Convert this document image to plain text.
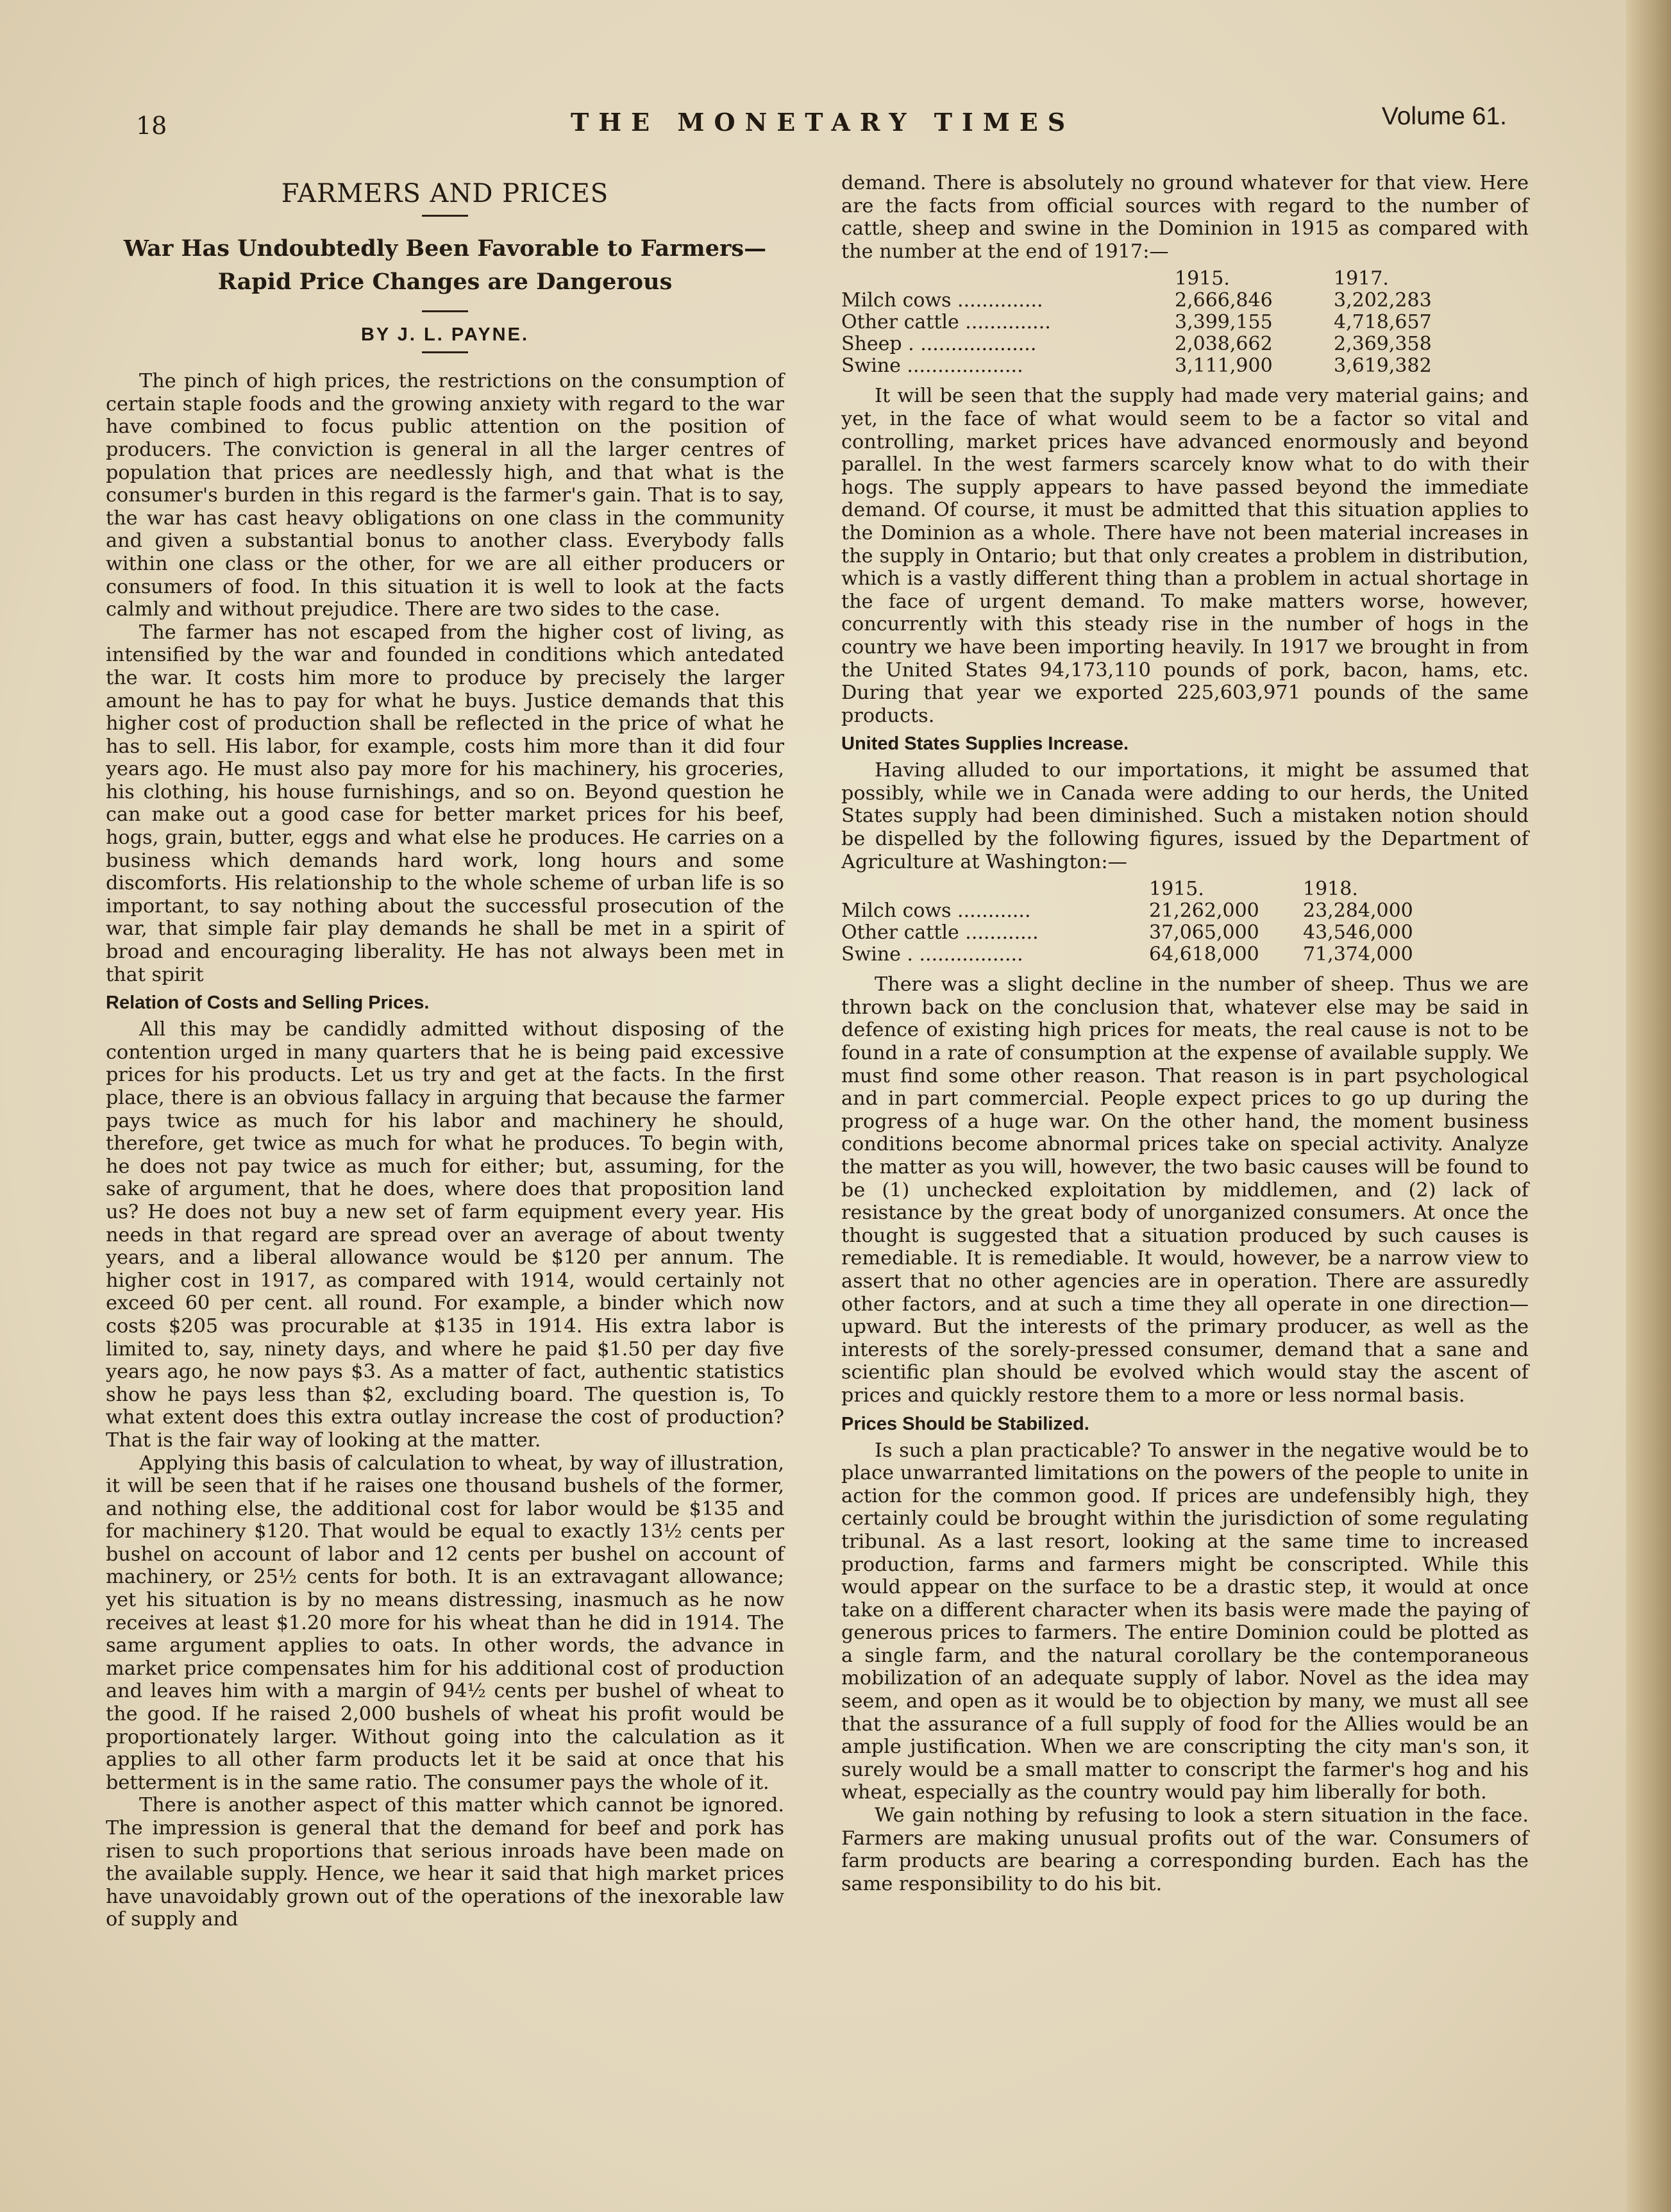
18	THE MONETARY TIMES	Volume 61.
FARMERS AND PRICES
War Has Undoubtedly Been Favorable to Farmers—
Rapid Price Changes are Dangerous
BY J. L. PAYNE.

The pinch of high prices, the restrictions on the consumption of certain staple foods and the growing anxiety with regard to the war have combined to focus public attention on the position of producers. The conviction is general in all the larger centres of population that prices are needlessly high, and that what is the consumer's burden in this regard is the farmer's gain. That is to say, the war has cast heavy obligations on one class in the community and given a substantial bonus to another class. Everybody falls within one class or the other, for we are all either producers or consumers of food. In this situation it is well to look at the facts calmly and without prejudice. There are two sides to the case.

The farmer has not escaped from the higher cost of living, as intensified by the war and founded in conditions which antedated the war. It costs him more to produce by precisely the larger amount he has to pay for what he buys. Justice demands that this higher cost of production shall be reflected in the price of what he has to sell. His labor, for example, costs him more than it did four years ago. He must also pay more for his machinery, his groceries, his clothing, his house furnishings, and so on. Beyond question he can make out a good case for better market prices for his beef, hogs, grain, butter, eggs and what else he produces. He carries on a business which demands hard work, long hours and some discomforts. His relationship to the whole scheme of urban life is so important, to say nothing about the successful prosecution of the war, that simple fair play demands he shall be met in a spirit of broad and encouraging liberality. He has not always been met in that spirit

Relation of Costs and Selling Prices.

All this may be candidly admitted without disposing of the contention urged in many quarters that he is being paid excessive prices for his products. Let us try and get at the facts. In the first place, there is an obvious fallacy in arguing that because the farmer pays twice as much for his labor and machinery he should, therefore, get twice as much for what he produces. To begin with, he does not pay twice as much for either; but, assuming, for the sake of argument, that he does, where does that proposition land us? He does not buy a new set of farm equipment every year. His needs in that regard are spread over an average of about twenty years, and a liberal allowance would be $120 per annum. The higher cost in 1917, as compared with 1914, would certainly not exceed 60 per cent. all round. For example, a binder which now costs $205 was procurable at $135 in 1914. His extra labor is limited to, say, ninety days, and where he paid $1.50 per day five years ago, he now pays $3. As a matter of fact, authentic statistics show he pays less than $2, excluding board. The question is, To what extent does this extra outlay increase the cost of production? That is the fair way of looking at the matter.

Applying this basis of calculation to wheat, by way of illustration, it will be seen that if he raises one thousand bushels of the former, and nothing else, the additional cost for labor would be $135 and for machinery $120. That would be equal to exactly 13½ cents per bushel on account of labor and 12 cents per bushel on account of machinery, or 25½ cents for both. It is an extravagant allowance; yet his situation is by no means distressing, inasmuch as he now receives at least $1.20 more for his wheat than he did in 1914. The same argument applies to oats. In other words, the advance in market price compensates him for his additional cost of production and leaves him with a margin of 94½ cents per bushel of wheat to the good. If he raised 2,000 bushels of wheat his profit would be proportionately larger. Without going into the calculation as it applies to all other farm products let it be said at once that his betterment is in the same ratio. The consumer pays the whole of it.

There is another aspect of this matter which cannot be ignored. The impression is general that the demand for beef and pork has risen to such proportions that serious inroads have been made on the available supply. Hence, we hear it said that high market prices have unavoidably grown out of the operations of the inexorable law of supply and

demand. There is absolutely no ground whatever for that view. Here are the facts from official sources with regard to the number of cattle, sheep and swine in the Dominion in 1915 as compared with the number at the end of 1917:—

	1915.	1917.
Milch cows ..............	2,666,846	3,202,283
Other cattle ..............	3,399,155	4,718,657
Sheep . ...................	2,038,662	2,369,358
Swine ...................	3,111,900	3,619,382

It will be seen that the supply had made very material gains; and yet, in the face of what would seem to be a factor so vital and controlling, market prices have advanced enormously and beyond parallel. In the west farmers scarcely know what to do with their hogs. The supply appears to have passed beyond the immediate demand. Of course, it must be admitted that this situation applies to the Dominion as a whole. There have not been material increases in the supply in Ontario; but that only creates a problem in distribution, which is a vastly different thing than a problem in actual shortage in the face of urgent demand. To make matters worse, however, concurrently with this steady rise in the number of hogs in the country we have been importing heavily. In 1917 we brought in from the United States 94,173,110 pounds of pork, bacon, hams, etc. During that year we exported 225,603,971 pounds of the same products.

United States Supplies Increase.

Having alluded to our importations, it might be assumed that possibly, while we in Canada were adding to our herds, the United States supply had been diminished. Such a mistaken notion should be dispelled by the following figures, issued by the Department of Agriculture at Washington:—

	1915.	1918.
Milch cows ............	21,262,000	23,284,000
Other cattle ............	37,065,000	43,546,000
Swine . .................	64,618,000	71,374,000

There was a slight decline in the number of sheep. Thus we are thrown back on the conclusion that, whatever else may be said in defence of existing high prices for meats, the real cause is not to be found in a rate of consumption at the expense of available supply. We must find some other reason. That reason is in part psychological and in part commercial. People expect prices to go up during the progress of a huge war. On the other hand, the moment business conditions become abnormal prices take on special activity. Analyze the matter as you will, however, the two basic causes will be found to be (1) unchecked exploitation by middlemen, and (2) lack of resistance by the great body of unorganized consumers. At once the thought is suggested that a situation produced by such causes is remediable. It is remediable. It would, however, be a narrow view to assert that no other agencies are in operation. There are assuredly other factors, and at such a time they all operate in one direction—upward. But the interests of the primary producer, as well as the interests of the sorely-pressed consumer, demand that a sane and scientific plan should be evolved which would stay the ascent of prices and quickly restore them to a more or less normal basis.

Prices Should be Stabilized.

Is such a plan practicable? To answer in the negative would be to place unwarranted limitations on the powers of the people to unite in action for the common good. If prices are undefensibly high, they certainly could be brought within the jurisdiction of some regulating tribunal. As a last resort, looking at the same time to increased production, farms and farmers might be conscripted. While this would appear on the surface to be a drastic step, it would at once take on a different character when its basis were made the paying of generous prices to farmers. The entire Dominion could be plotted as a single farm, and the natural corollary be the contemporaneous mobilization of an adequate supply of labor. Novel as the idea may seem, and open as it would be to objection by many, we must all see that the assurance of a full supply of food for the Allies would be an ample justification. When we are conscripting the city man's son, it surely would be a small matter to conscript the farmer's hog and his wheat, especially as the country would pay him liberally for both.

We gain nothing by refusing to look a stern situation in the face. Farmers are making unusual profits out of the war. Consumers of farm products are bearing a corresponding burden. Each has the same responsibility to do his bit.
